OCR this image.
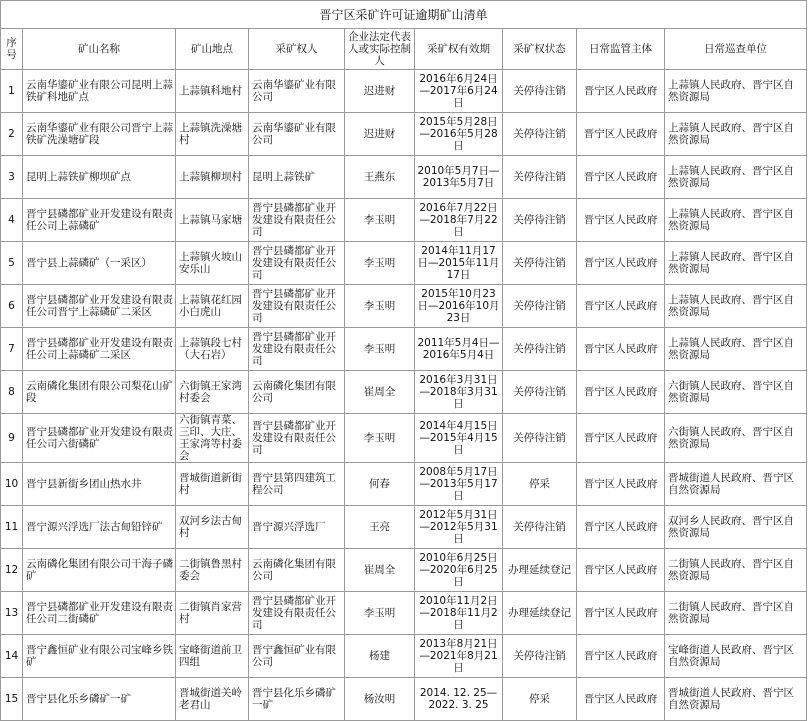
晋宁区采矿许可证逾期矿山清单								
序号	矿山名称	矿山地点	采矿权人	企业法定代表人或实际控制人	采矿权有效期	采矿权状态	日常监管主体	日常巡查单位
1	云南华鎏矿业有限公司昆明上蒜铁矿科地矿点	上蒜镇科地村	云南华鎏矿业有限公司	迟进财	2016年6月24日—2017年6月24日	关停待注销	晋宁区人民政府	上蒜镇人民政府、晋宁区自然资源局
2	云南华鎏矿业有限公司晋宁上蒜铁矿洗澡塘矿段	上蒜镇洗澡塘村	云南华鎏矿业有限公司	迟进财	2015年5月28日—2016年5月28日	关停待注销	晋宁区人民政府	上蒜镇人民政府、晋宁区自然资源局
3	昆明上蒜铁矿柳坝矿点	上蒜镇柳坝村	昆明上蒜铁矿	王燕东	2010年5月7日—2013年5月7日	关停待注销	晋宁区人民政府	上蒜镇人民政府、晋宁区自然资源局
4	晋宁县磷都矿业开发建设有限责任公司上蒜磷矿	上蒜镇马家塘	晋宁县磷都矿业开发建设有限责任公司	李玉明	2016年7月22日—2018年7月22日	关停待注销	晋宁区人民政府	上蒜镇人民政府、晋宁区自然资源局
5	晋宁县上蒜磷矿（一采区）	上蒜镇火坡山安乐山	晋宁县磷都矿业开发建设有限责任公司	李玉明	2014年11月17日—2015年11月17日	关停待注销	晋宁区人民政府	上蒜镇人民政府、晋宁区自然资源局
6	晋宁县磷都矿业开发建设有限责任公司晋宁上蒜磷矿二采区	上蒜镇花红园小白虎山	晋宁县磷都矿业开发建设有限责任公司	李玉明	2015年10月23日—2016年10月23日	关停待注销	晋宁区人民政府	上蒜镇人民政府、晋宁区自然资源局
7	晋宁县磷都矿业开发建设有限责任公司上蒜磷矿二采区	上蒜镇段七村（大石岩）	晋宁县磷都矿业开发建设有限责任公司	李玉明	2011年5月4日—2016年5月4日	关停待注销	晋宁区人民政府	上蒜镇人民政府、晋宁区自然资源局
8	云南磷化集团有限公司梨花山矿段	六街镇王家湾村委会	云南磷化集团有限公司	崔周全	2016年3月31日—2018年3月31日	关停待注销	晋宁区人民政府	六街镇人民政府、晋宁区自然资源局
9	晋宁县磷都矿业开发建设有限责任公司六街磷矿	六街镇青菜、三印、大庄、王家湾等村委会	晋宁县磷都矿业开发建设有限责任公司	李玉明	2014年4月15日—2015年4月15日	关停待注销	晋宁区人民政府	六街镇人民政府、晋宁区自然资源局
10	晋宁县新街乡团山热水井	晋城街道新街村	晋宁县第四建筑工程公司	何春	2008年5月17日—2013年5月17日	停采	晋宁区人民政府	晋城街道人民政府、晋宁区自然资源局
11	晋宁源兴浮选厂法古甸铅锌矿	双河乡法古甸村	晋宁源兴浮选厂	王亮	2012年5月31日—2012年5月31日	关停待注销	晋宁区人民政府	双河乡人民政府、晋宁区自然资源局
12	云南磷化集团有限公司干海子磷矿	二街镇鲁黑村委会	云南磷化集团有限公司	崔周全	2010年6月25日—2020年6月25日	办理延续登记	晋宁区人民政府	二街镇人民政府、晋宁区自然资源局
13	晋宁县磷都矿业开发建设有限责任公司二街磷矿	二街镇肖家营村	晋宁县磷都矿业开发建设有限责任公司	李玉明	2010年11月2日—2018年11月2日	办理延续登记	晋宁区人民政府	二街镇人民政府、晋宁区自然资源局
14	晋宁鑫恒矿业有限公司宝峰乡铁矿	宝峰街道前卫四组	晋宁鑫恒矿业有限公司	杨建	2013年8月21日—2021年8月21日	关停待注销	晋宁区人民政府	宝峰街道人民政府、晋宁区自然资源局
15	晋宁县化乐乡磷矿一矿	晋城街道关岭老君山	晋宁县化乐乡磷矿一矿	杨汝明	2014. 12. 25—2022. 3. 25	停采	晋宁区人民政府	晋城街道人民政府、晋宁区自然资源局
